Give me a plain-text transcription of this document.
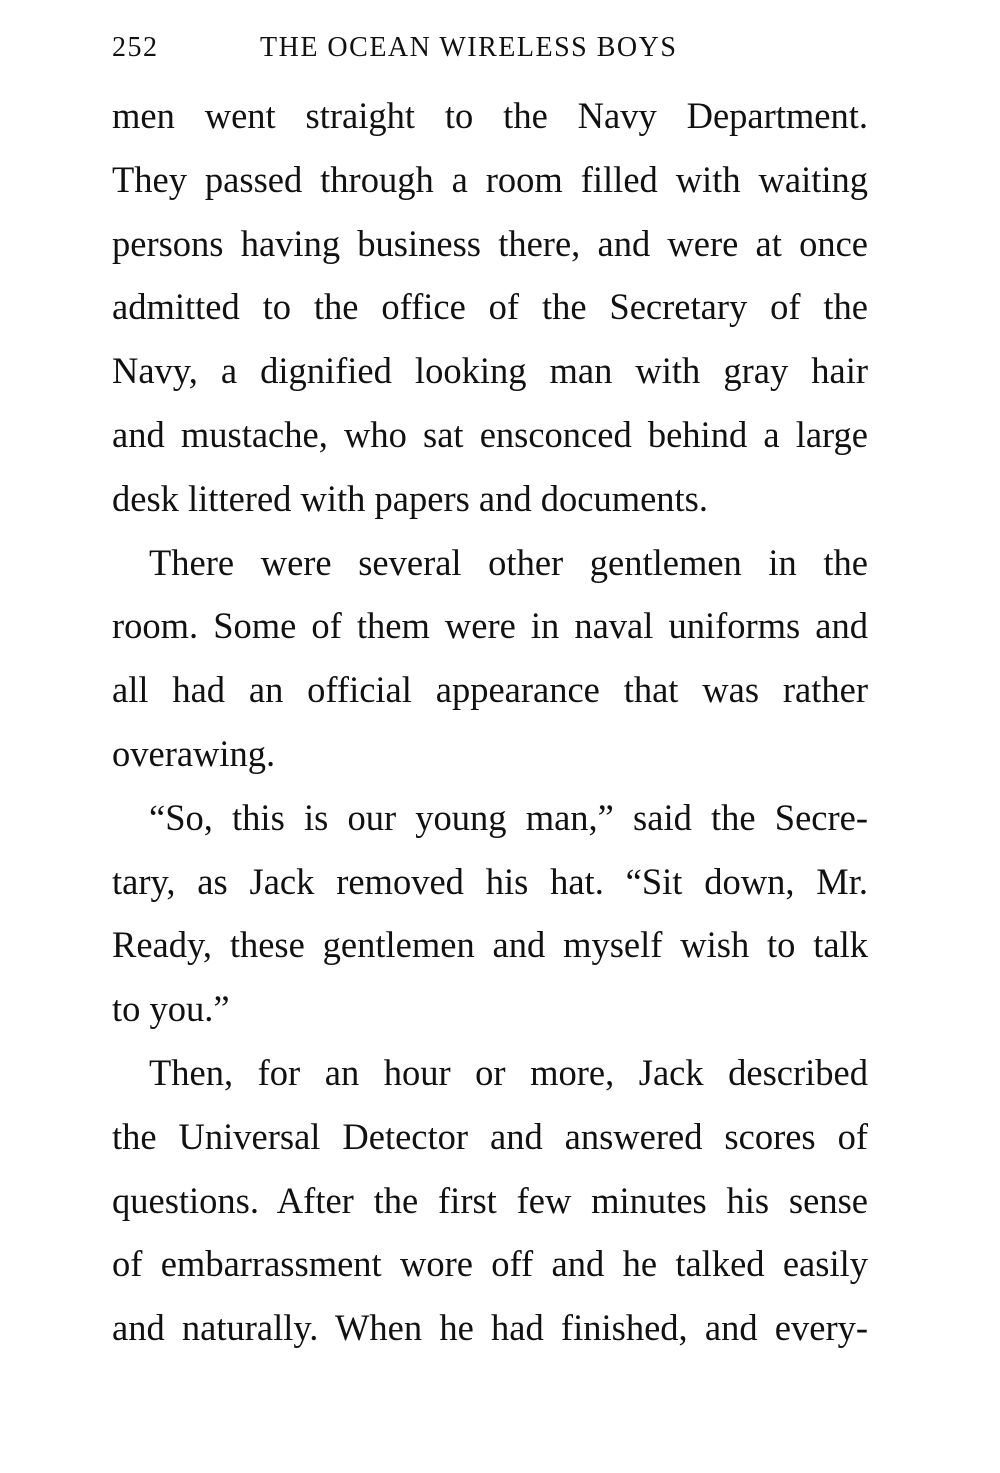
252	THE OCEAN WIRELESS BOYS
men went straight to the Navy Department.
They passed through a room filled with waiting
persons having business there, and were at once
admitted to the office of the Secretary of the
Navy, a dignified looking man with gray hair
and mustache, who sat ensconced behind a large
desk littered with papers and documents.
There were several other gentlemen in the
room. Some of them were in naval uniforms and
all had an official appearance that was rather
overawing.
“So, this is our young man,” said the Secre-
tary, as Jack removed his hat. “Sit down, Mr.
Ready, these gentlemen and myself wish to talk
to you.”
Then, for an hour or more, Jack described
the Universal Detector and answered scores of
questions. After the first few minutes his sense
of embarrassment wore off and he talked easily
and naturally. When he had finished, and every-
